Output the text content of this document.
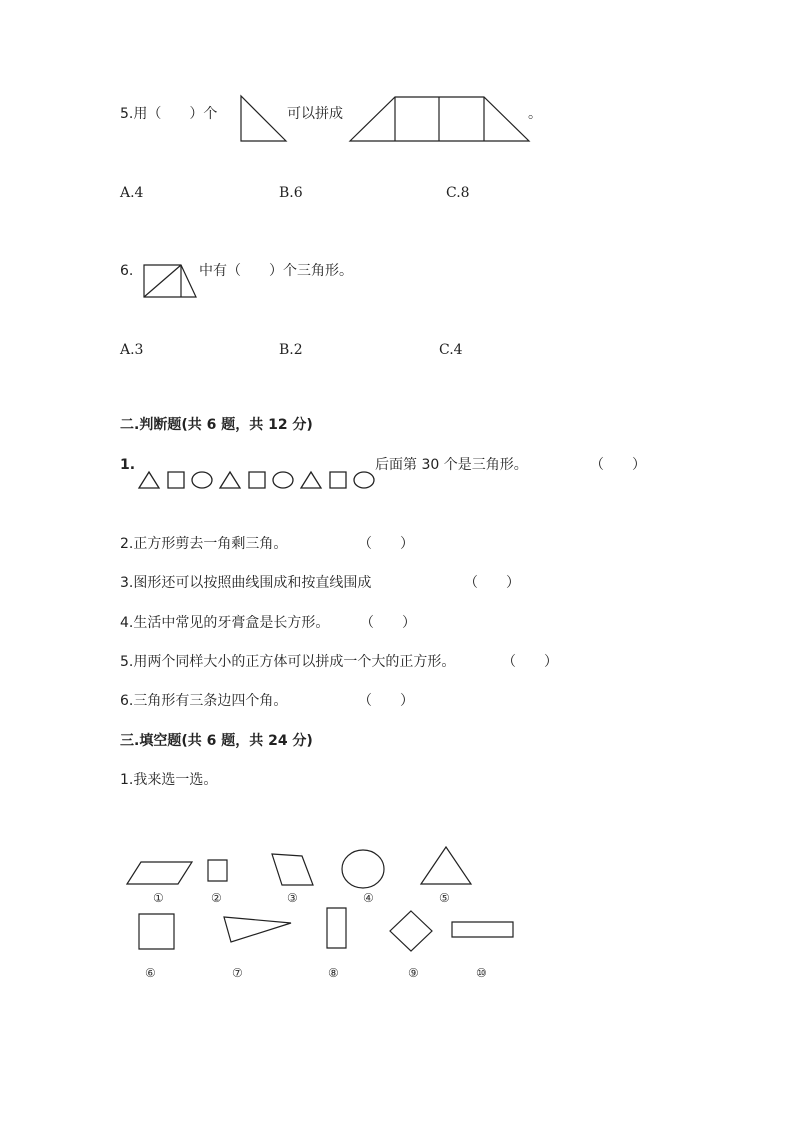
5.用（　　）个	可以拼成	。
A.4	B.6	C.8
6.	中有（　　）个三角形。
A.3	B.2	C.4
二.判断题(共 6 题，共 12 分)
1.	后面第 30 个是三角形。	（　　）
2.正方形剪去一角剩三角。	（　　）
3.图形还可以按照曲线围成和按直线围成	（　　）
4.生活中常见的牙膏盒是长方形。 （　　）
5.用两个同样大小的正方体可以拼成一个大的正方形。	（　　）
6.三角形有三条边四个角。	（　　）
三.填空题(共 6 题，共 24 分)
1.我来选一选。
①	②	③	④	⑤
⑥	⑦	⑧	⑨	⑩
